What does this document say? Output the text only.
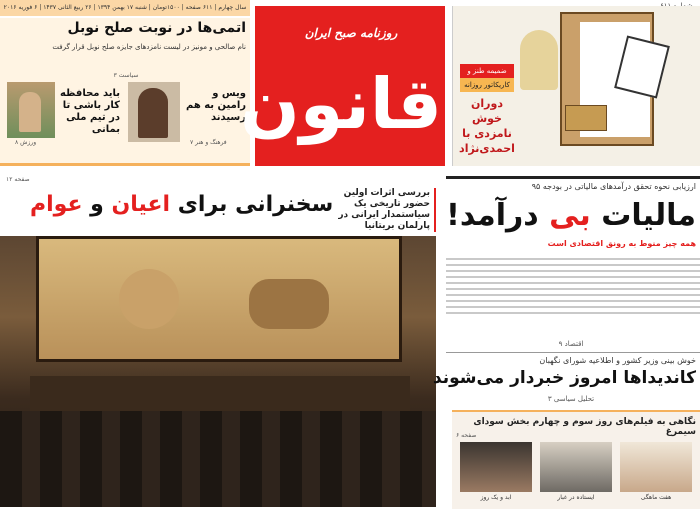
سال چهارم | ۶۱۱ صفحه | ۱۵۰۰تومان | شنبه ۱۷ بهمن ۱۳۹۴ | ۲۶ ربیع الثانی ۱۴۳۷ | ۶ فوریه ۲۰۱۶
اتمی‌ها در نوبت صلح نوبل
نام صالحی و مونیز در لیست نامزدهای جایزه صلح نوبل قرار گرفت
سیاست ۳
باید محافظه کار باشی تا در تیم ملی بمانی
ویس و رامین به هم رسیدند
ورزش ۸	فرهنگ و هنر ۷
روزنامه صبح ایران
قانون	ضمیمه طنز و
کاریکاتور روزانه
دوران خوش نامزدی با احمدی‌نژاد
صفحه ۱۲
سخنرانی برای اعیان و عوام	بررسی اثرات اولین حضور تاریخی یک سیاستمدار ایرانی در پارلمان بریتانیا
ارزیابی نحوه تحقق درآمدهای مالیاتی در بودجه ۹۵
مالیات بی درآمد!
همه چیز منوط به رونق اقتصادی است
اقتصاد ۹
خوش بینی وزیر کشور و اطلاعیه شورای نگهبان
کاندیداها امروز خبردار می‌شوند
تحلیل سیاسی ۳
نگاهی به فیلم‌های روز سوم و چهارم بخش سودای سیمرغ
صفحه ۶
ابد و یک روز	ایستاده در غبار	هفت ماهگی
